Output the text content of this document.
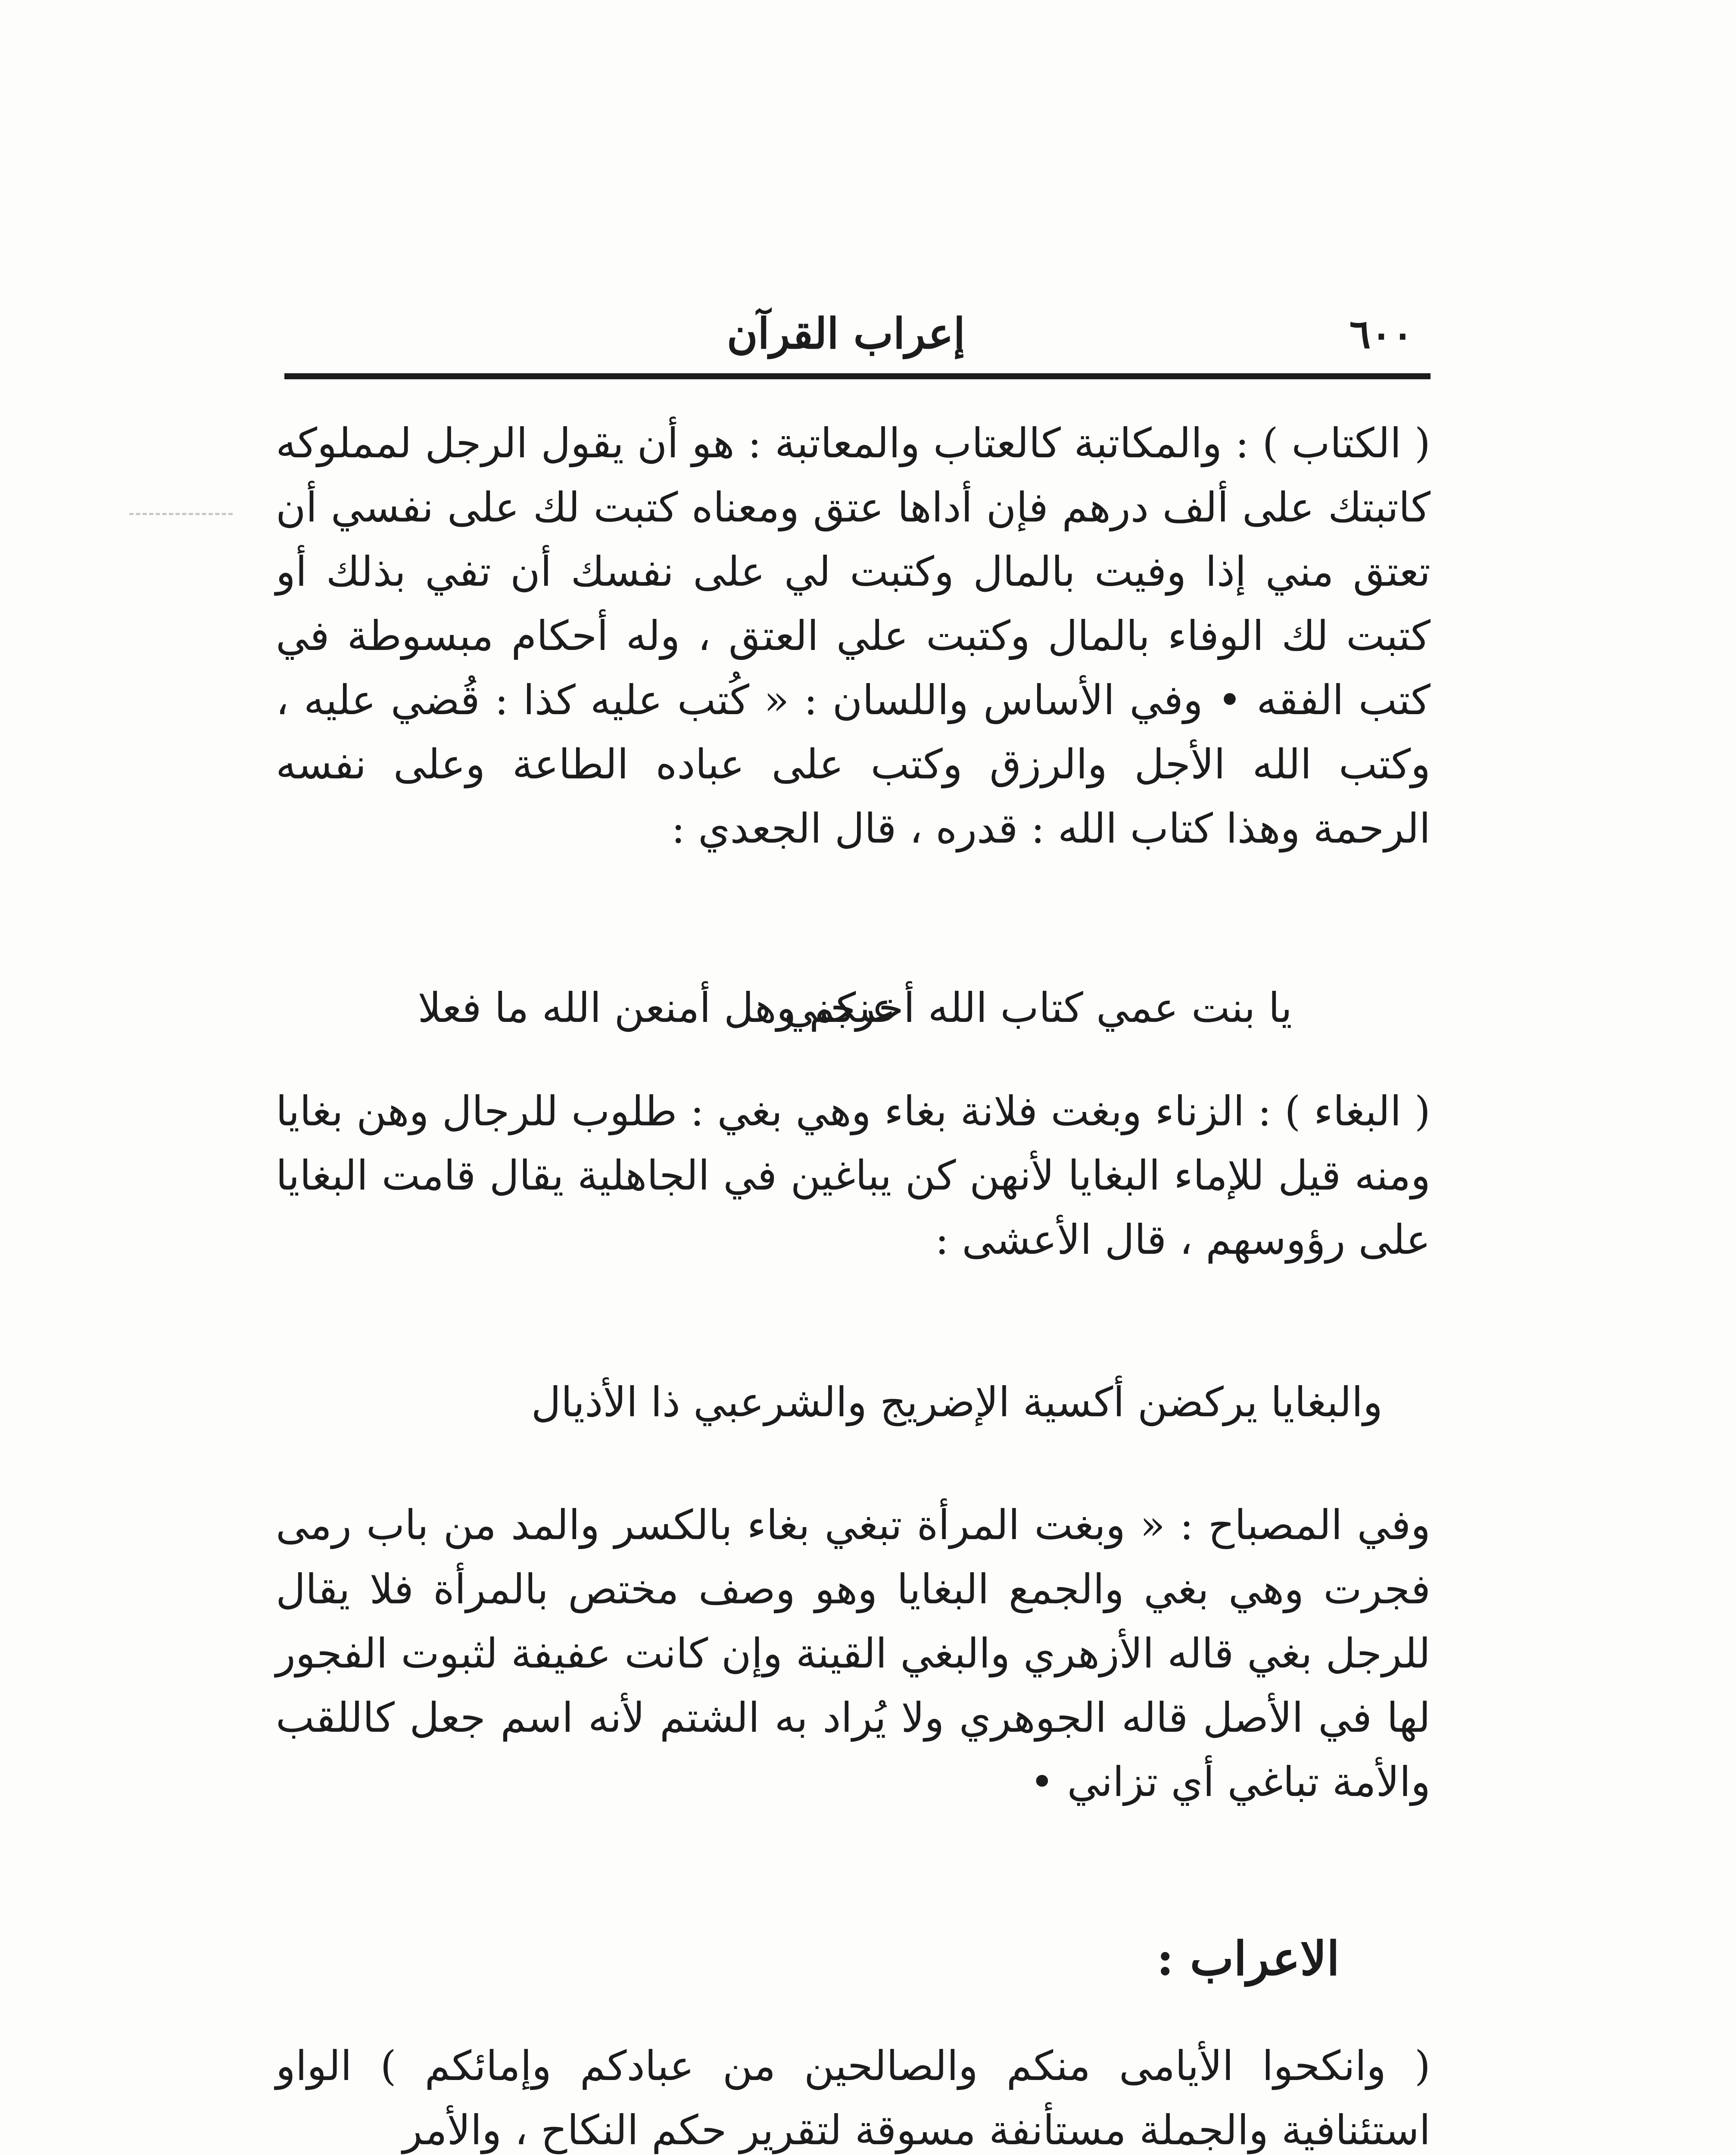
٦٠٠
إعراب القرآن

( الكتاب ) : والمكاتبة كالعتاب والمعاتبة : هو أن يقول الرجل لمملوكه كاتبتك على ألف درهم فإن أداها عتق ومعناه كتبت لك على نفسي أن تعتق مني إذا وفيت بالمال وكتبت لي على نفسك أن تفي بذلك أو كتبت لك الوفاء بالمال وكتبت علي العتق ، وله أحكام مبسوطة في كتب الفقه • وفي الأساس واللسان : « كُتب عليه كذا : قُضي عليه ، وكتب الله الأجل والرزق وكتب على عباده الطاعة وعلى نفسه الرحمة وهذا كتاب الله : قدره ، قال الجعدي :

يا بنت عمي كتاب الله أخرجني
عنكم وهل أمنعن الله ما فعلا

( البغاء ) : الزناء وبغت فلانة بغاء وهي بغي : طلوب للرجال وهن بغايا ومنه قيل للإماء البغايا لأنهن كن يباغين في الجاهلية يقال قامت البغايا على رؤوسهم ، قال الأعشى :

والبغايا يركضن أكسية الإضريج والشرعبي ذا الأذيال

وفي المصباح : « وبغت المرأة تبغي بغاء بالكسر والمد من باب رمى فجرت وهي بغي والجمع البغايا وهو وصف مختص بالمرأة فلا يقال للرجل بغي قاله الأزهري والبغي القينة وإن كانت عفيفة لثبوت الفجور لها في الأصل قاله الجوهري ولا يُراد به الشتم لأنه اسم جعل كاللقب والأمة تباغي أي تزاني •

الاعراب :

( وانكحوا الأيامى منكم والصالحين من عبادكم وإمائكم ) الواو استئنافية والجملة مستأنفة مسوقة لتقرير حكم النكاح ، والأمر
